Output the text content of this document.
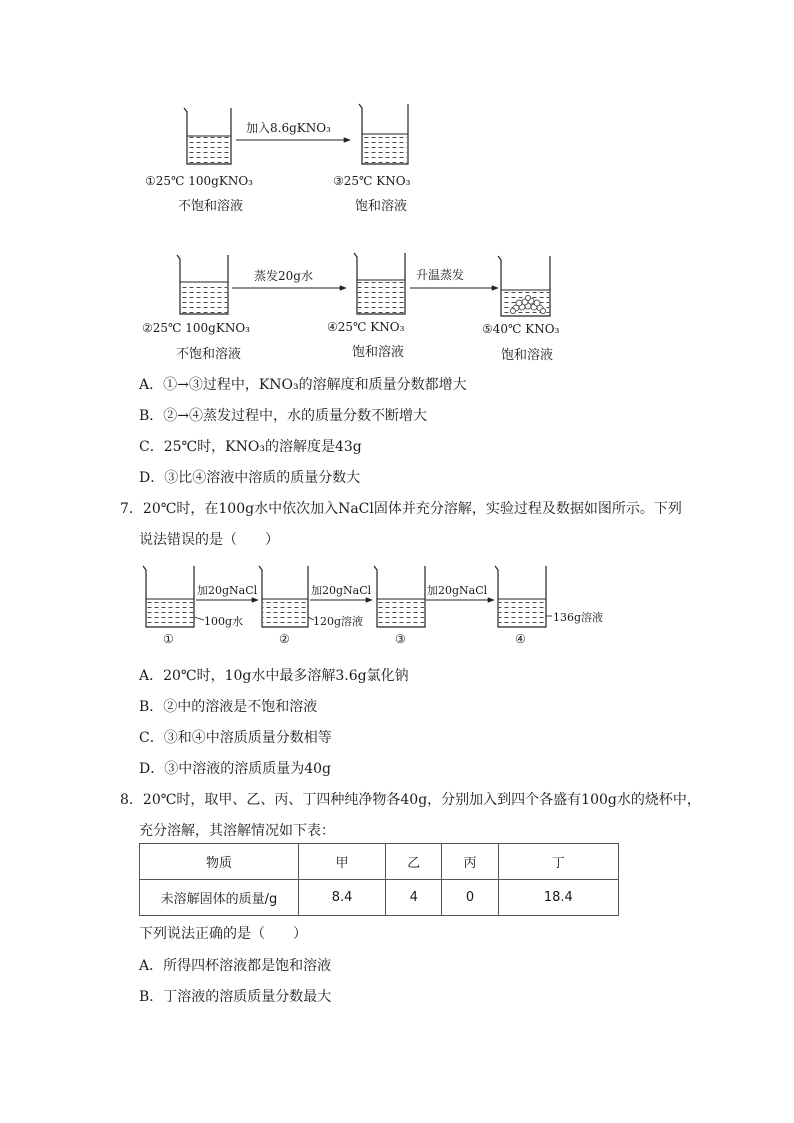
加入8.6gKNO₃
①25℃ 100gKNO₃
不饱和溶液
③25℃ KNO₃
饱和溶液
蒸发20g水	升温蒸发
②25℃ 100gKNO₃
不饱和溶液
④25℃ KNO₃
饱和溶液
⑤40℃ KNO₃
饱和溶液
A．①→③过程中，KNO₃的溶解度和质量分数都增大
B．②→④蒸发过程中，水的质量分数不断增大
C．25℃时，KNO₃的溶解度是43g
D．③比④溶液中溶质的质量分数大
7．20℃时，在100g水中依次加入NaCl固体并充分溶解，实验过程及数据如图所示。下列
说法错误的是（　　）
加20gNaCl	加20gNaCl	加20gNaCl
100g水	120g溶液	136g溶液
①	②	③	④
A．20℃时，10g水中最多溶解3.6g氯化钠
B．②中的溶液是不饱和溶液
C．③和④中溶质质量分数相等
D．③中溶液的溶质质量为40g
8．20℃时，取甲、乙、丙、丁四种纯净物各40g，分别加入到四个各盛有100g水的烧杯中，
充分溶解，其溶解情况如下表：
物质	甲	乙	丙	丁
未溶解固体的质量/g	8.4	4	0	18.4
下列说法正确的是（　　）
A．所得四杯溶液都是饱和溶液
B．丁溶液的溶质质量分数最大
